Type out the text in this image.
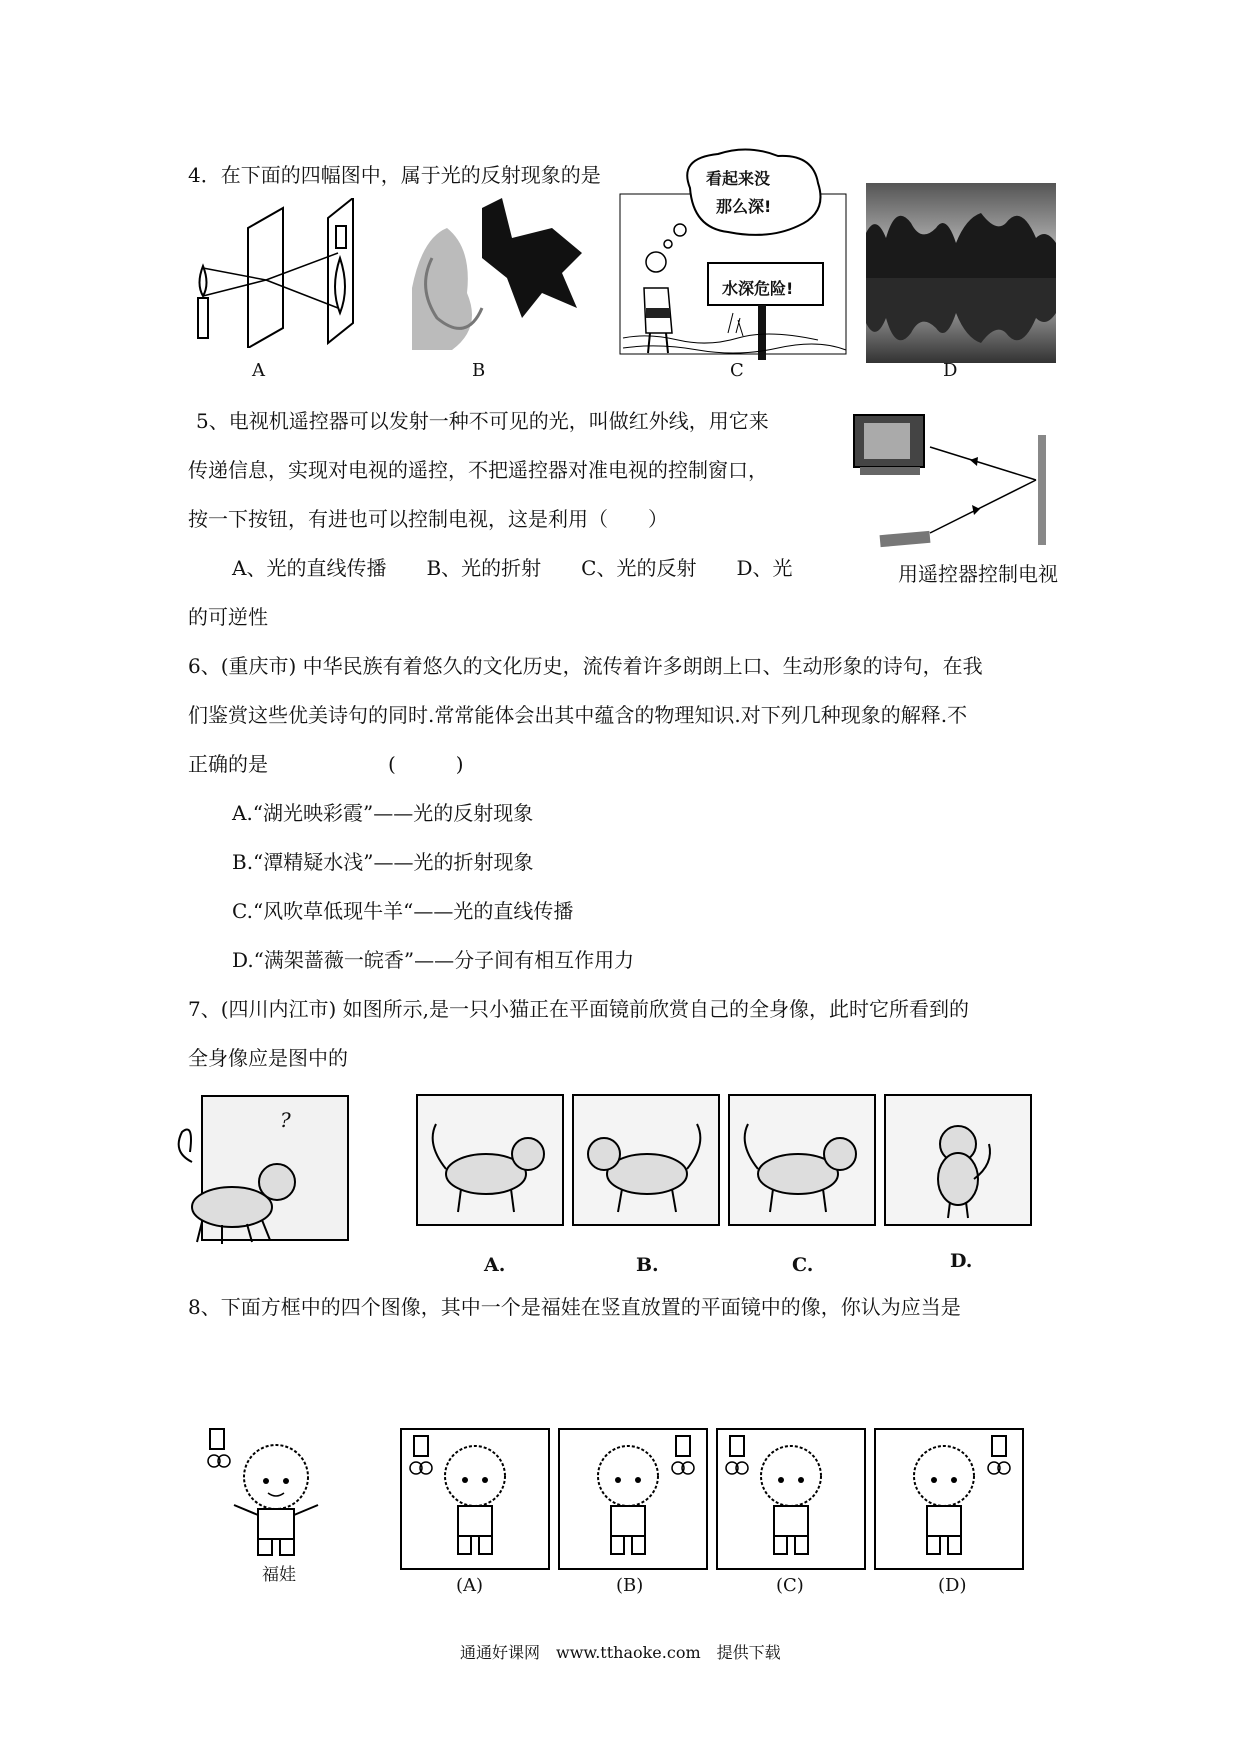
4．在下面的四幅图中，属于光的反射现象的是
A	B
看起来没
那么深!
水深危险!
C	D
5、电视机遥控器可以发射一种不可见的光，叫做红外线，用它来
传递信息，实现对电视的遥控，不把遥控器对准电视的控制窗口，
按一下按钮，有进也可以控制电视，这是利用（　　）
A、光的直线传播　　B、光的折射　　C、光的反射　　D、光
的可逆性
用遥控器控制电视
6、(重庆市) 中华民族有着悠久的文化历史，流传着许多朗朗上口、生动形象的诗句，在我
们鉴赏这些优美诗句的同时.常常能体会出其中蕴含的物理知识.对下列几种现象的解释.不
正确的是	(　　　)
A.“湖光映彩霞”——光的反射现象
B.“潭精疑水浅”——光的折射现象
C.“风吹草低现牛羊“——光的直线传播
D.“满架蔷薇一皖香”——分子间有相互作用力
7、(四川内江市) 如图所示,是一只小猫正在平面镜前欣赏自己的全身像，此时它所看到的
全身像应是图中的
?
A.	B.	C.	D.
8、下面方框中的四个图像，其中一个是福娃在竖直放置的平面镜中的像，你认为应当是
福娃	(A)	(B)	(C)	(D)
通通好课网　www.tthaoke.com　提供下载
